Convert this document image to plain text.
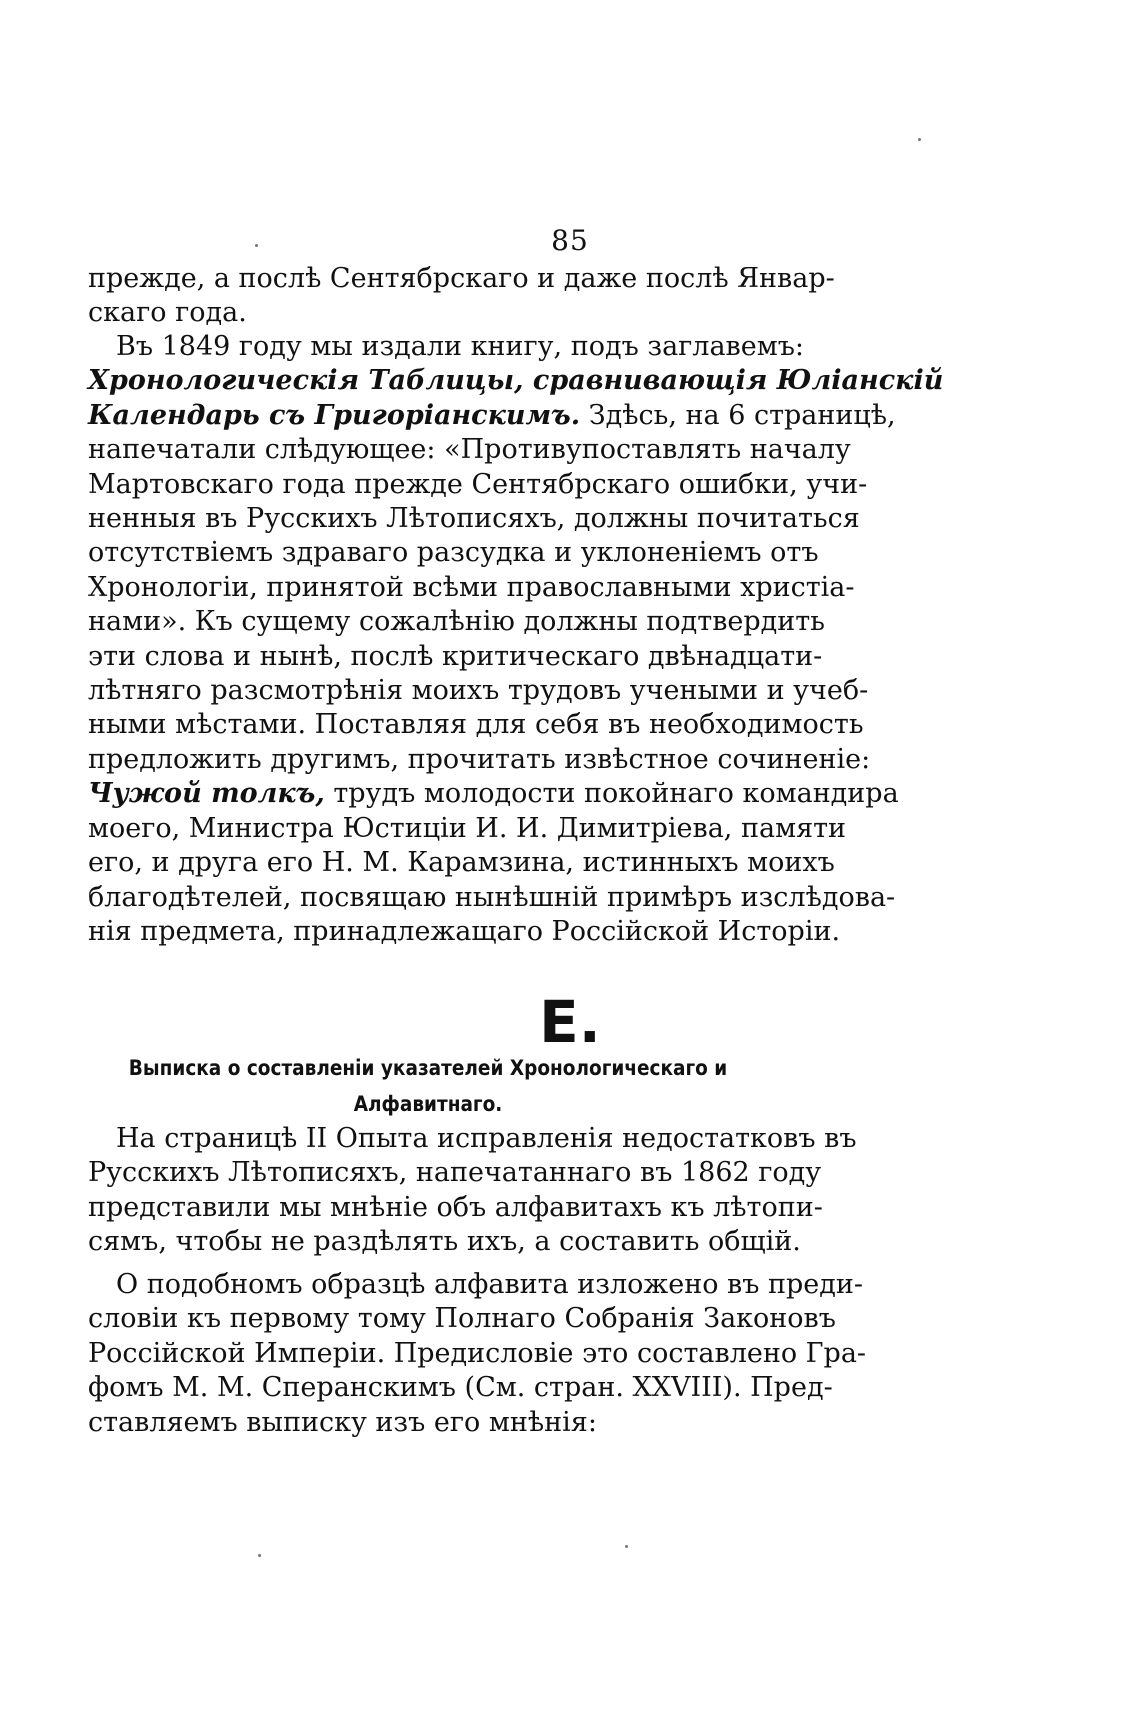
85
прежде, а послѣ Сентябрскаго и даже послѣ Январ-
скаго года.
Въ 1849 году мы издали книгу, подъ заглавемъ:
Хронологическія Таблицы, сравнивающія Юліанскій
Календарь съ Григоріанскимъ. Здѣсь, на 6 страницѣ,
напечатали слѣдующее: «Противупоставлять началу
Мартовскаго года прежде Сентябрскаго ошибки, учи-
ненныя въ Русскихъ Лѣтописяхъ, должны почитаться
отсутствіемъ здраваго разсудка и уклоненіемъ отъ
Хронологіи, принятой всѣми православными христіа-
нами». Къ сущему сожалѣнію должны подтвердить
эти слова и нынѣ, послѣ критическаго двѣнадцати-
лѣтняго разсмотрѣнія моихъ трудовъ учеными и учеб-
ными мѣстами. Поставляя для себя въ необходимость
предложить другимъ, прочитать извѣстное сочиненіе:
Чужой толкъ, трудъ молодости покойнаго командира
моего, Министра Юстиціи И. И. Димитріева, памяти
его, и друга его Н. М. Карамзина, истинныхъ моихъ
благодѣтелей, посвящаю нынѣшній примѣръ изслѣдова-
нія предмета, принадлежащаго Россійской Исторіи.
Е.
Выписка о составленіи указателей Хронологическаго и
Алфавитнаго.
На страницѣ II Опыта исправленія недостатковъ въ
Русскихъ Лѣтописяхъ, напечатаннаго въ 1862 году
представили мы мнѣніе объ алфавитахъ къ лѣтопи-
сямъ, чтобы не раздѣлять ихъ, а составить общій.
О подобномъ образцѣ алфавита изложено въ преди-
словіи къ первому тому Полнаго Собранія Законовъ
Россійской Имперіи. Предисловіе это составлено Гра-
фомъ М. М. Сперанскимъ (См. стран. XXVIII). Пред-
ставляемъ выписку изъ его мнѣнія:
